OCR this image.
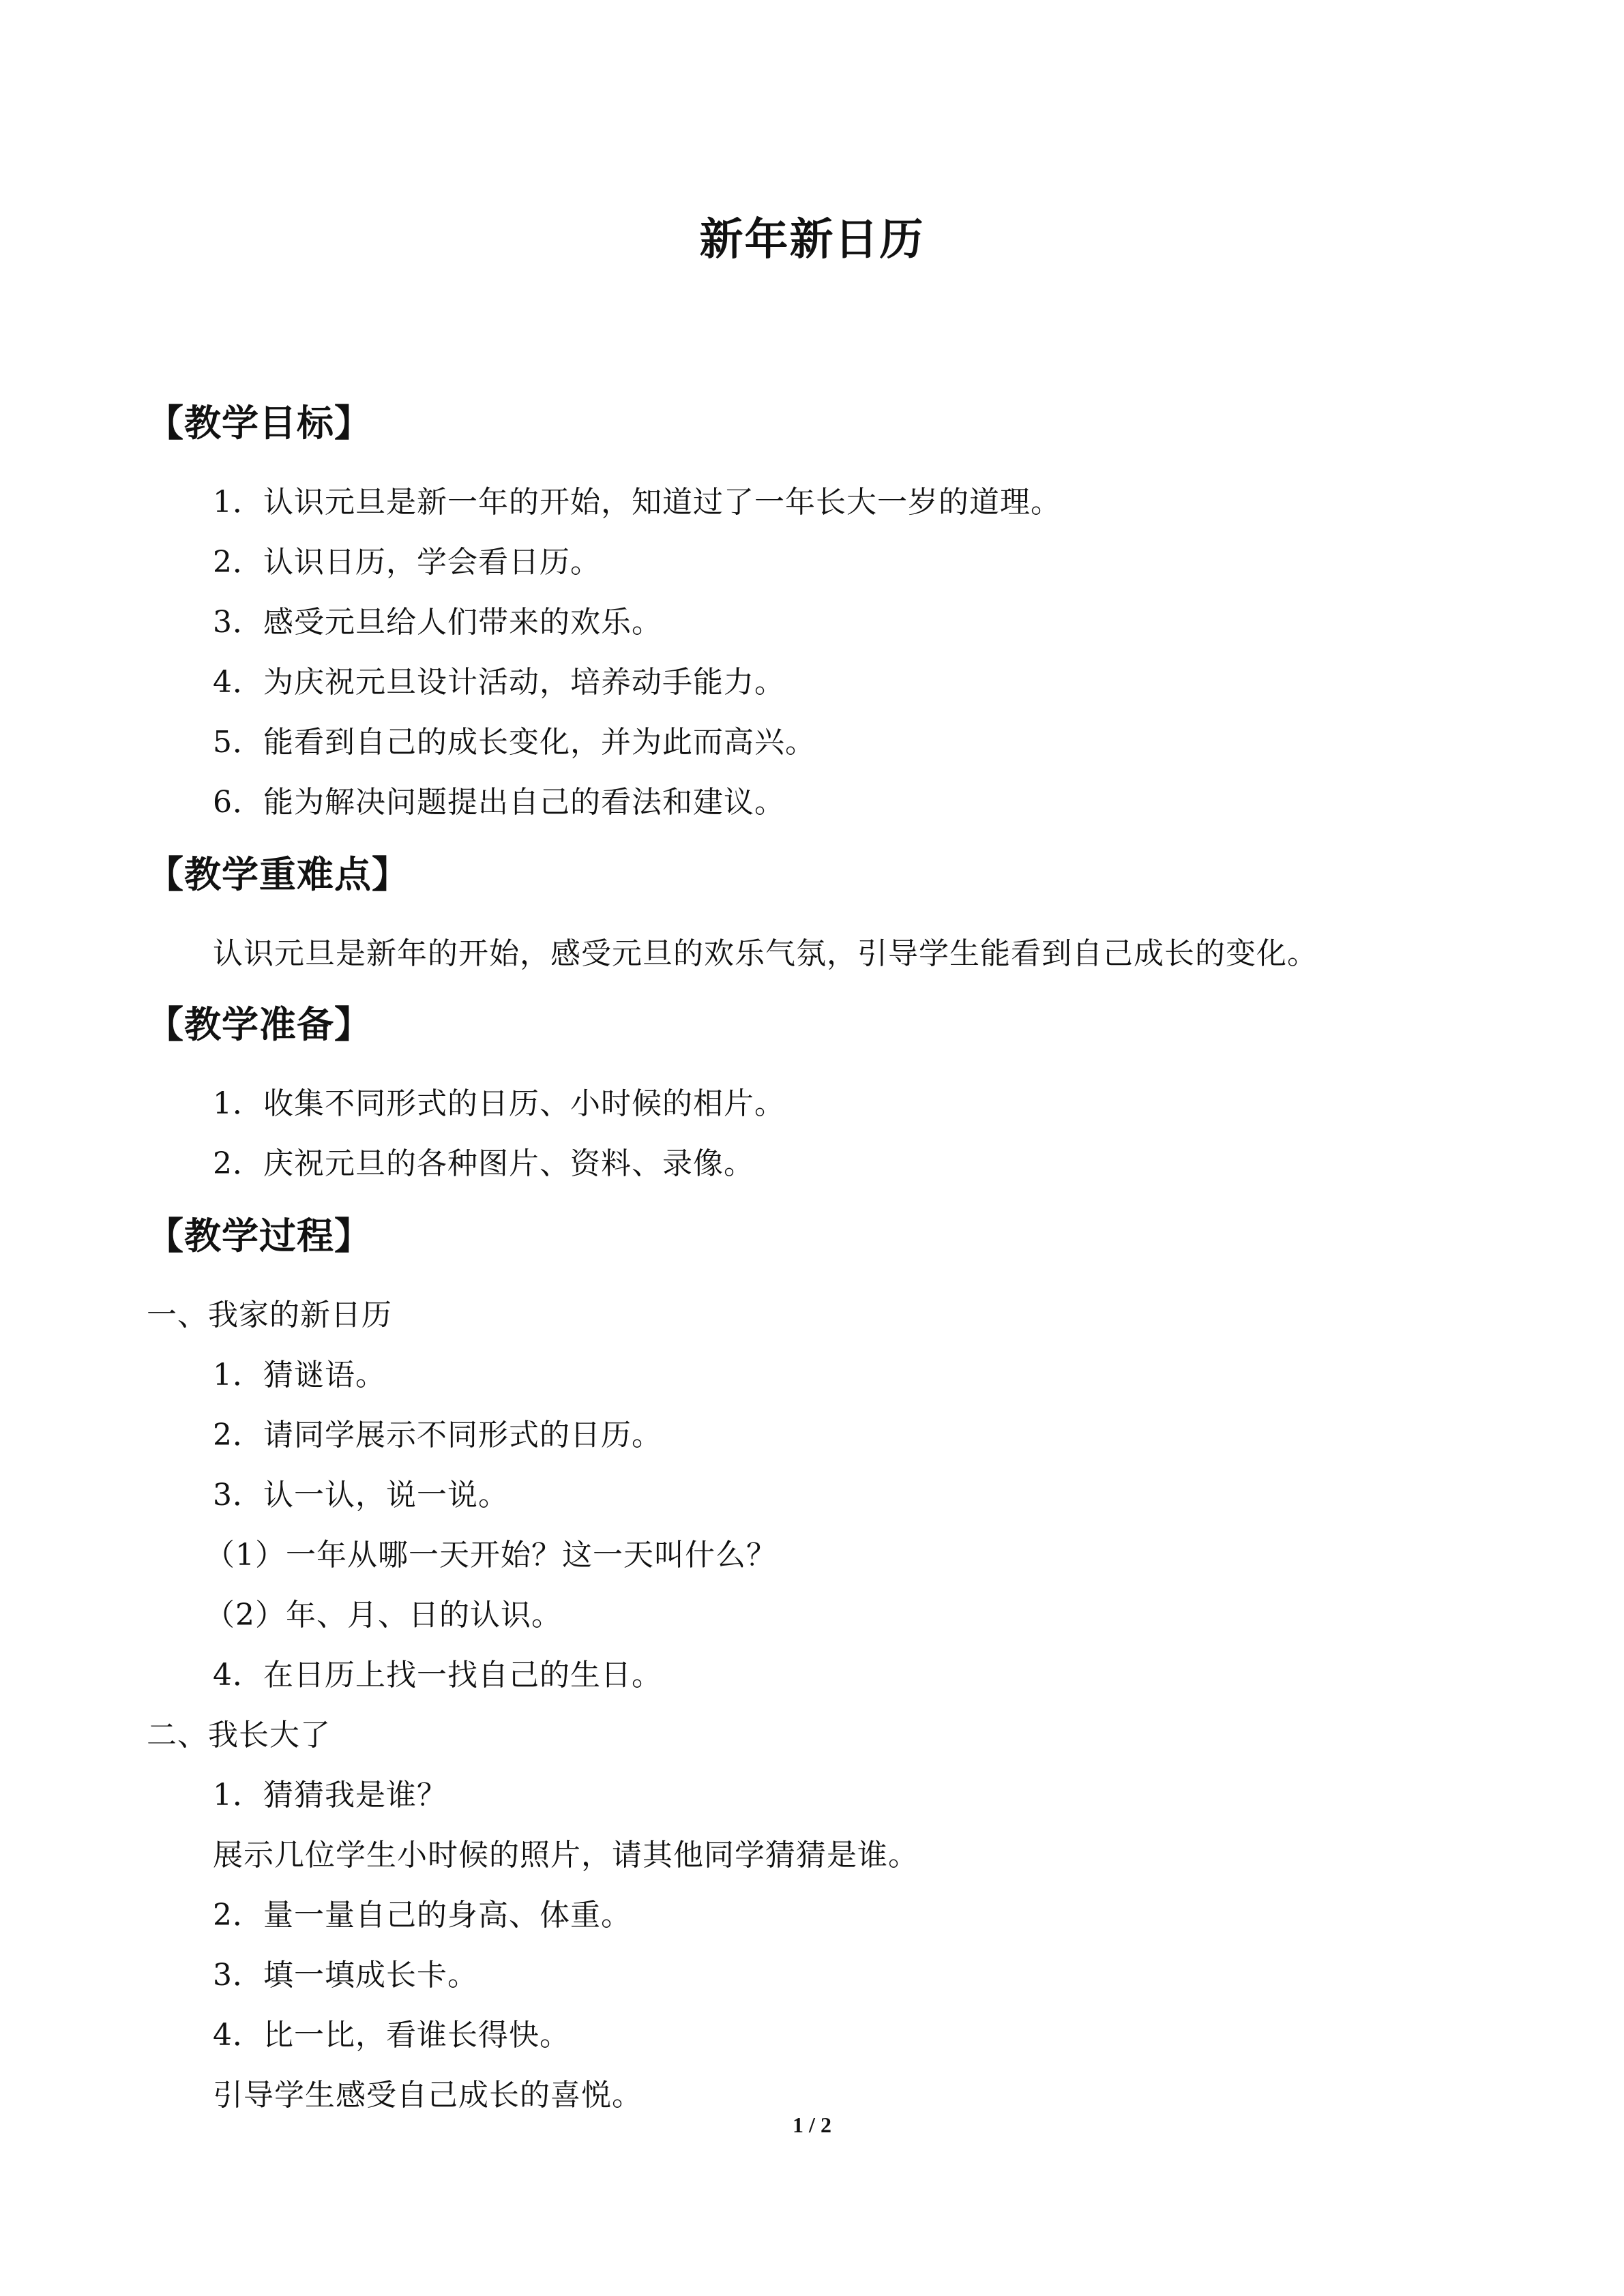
新年新日历
【教学目标】
1．认识元旦是新一年的开始，知道过了一年长大一岁的道理。
2．认识日历，学会看日历。
3．感受元旦给人们带来的欢乐。
4．为庆祝元旦设计活动，培养动手能力。
5．能看到自己的成长变化，并为此而高兴。
6．能为解决问题提出自己的看法和建议。
【教学重难点】
认识元旦是新年的开始，感受元旦的欢乐气氛，引导学生能看到自己成长的变化。
【教学准备】
1．收集不同形式的日历、小时候的相片。
2．庆祝元旦的各种图片、资料、录像。
【教学过程】
一、我家的新日历
1．猜谜语。
2．请同学展示不同形式的日历。
3．认一认，说一说。
（1）一年从哪一天开始？这一天叫什么？
（2）年、月、日的认识。
4．在日历上找一找自己的生日。
二、我长大了
1．猜猜我是谁？
展示几位学生小时候的照片，请其他同学猜猜是谁。
2．量一量自己的身高、体重。
3．填一填成长卡。
4．比一比，看谁长得快。
引导学生感受自己成长的喜悦。
1 / 2
